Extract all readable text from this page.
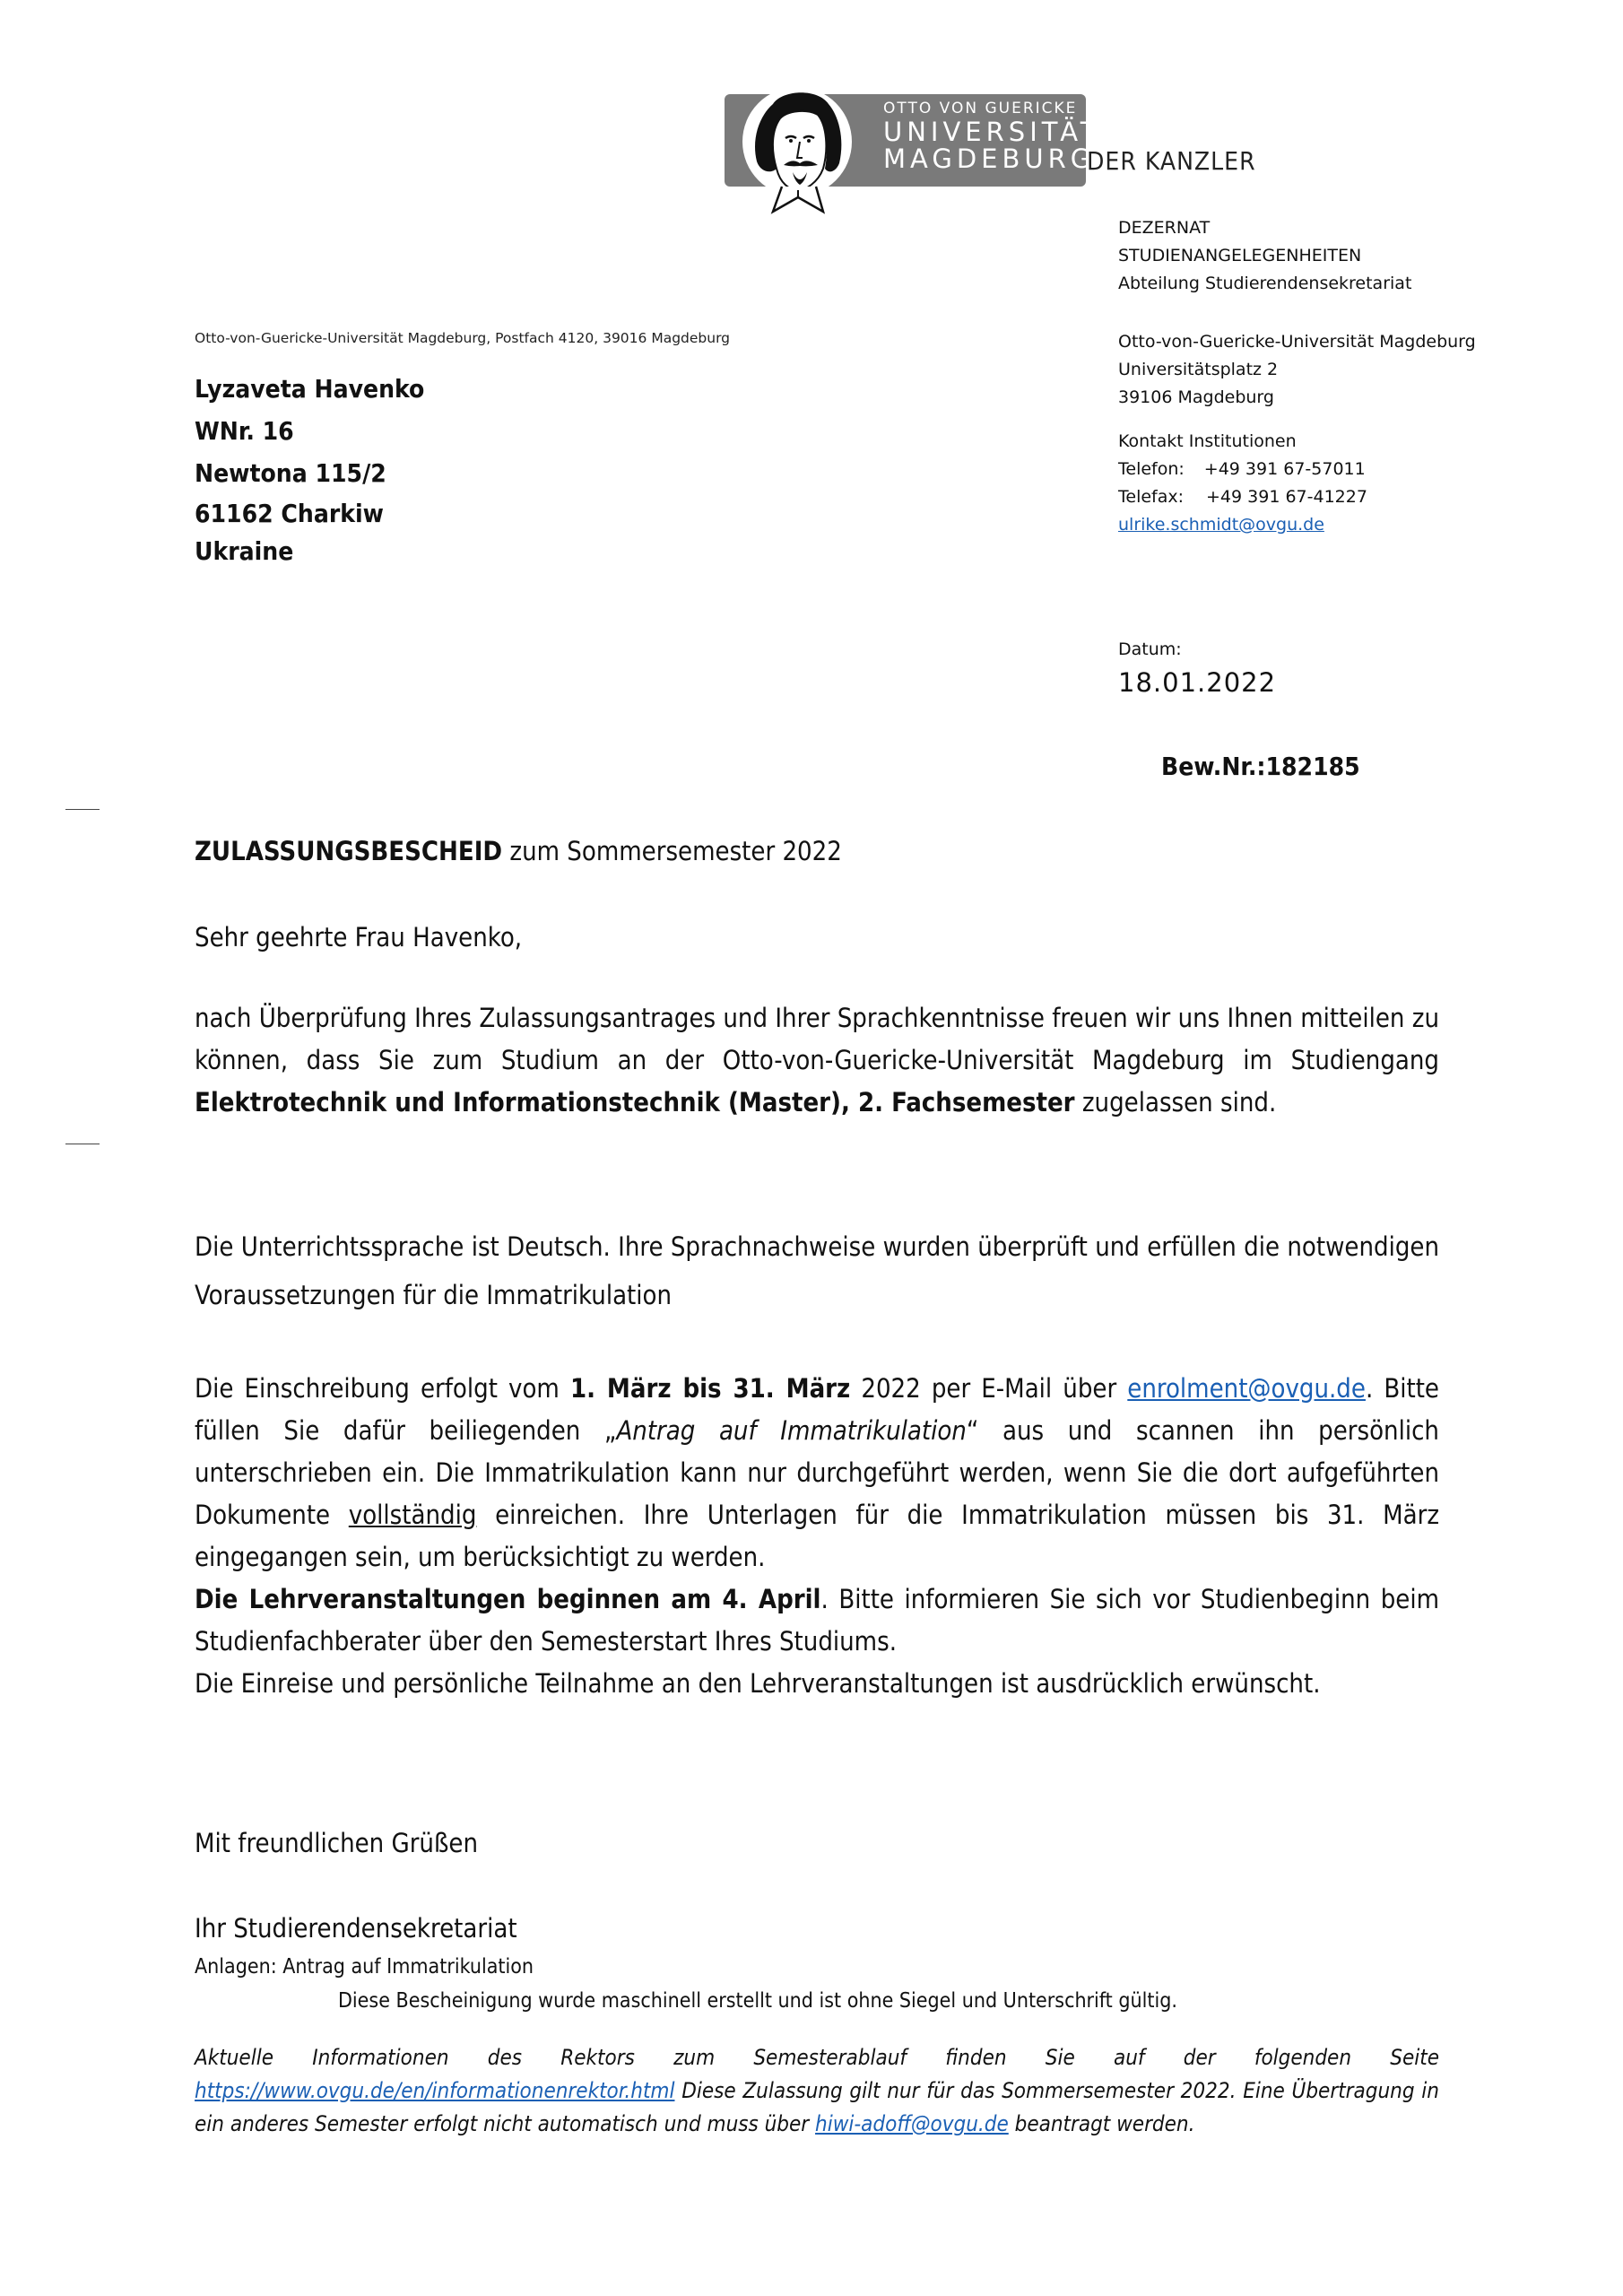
OTTO VON GUERICKE
UNIVERSITÄT
MAGDEBURG
DER KANZLER
DEZERNAT
STUDIENANGELEGENHEITEN
Abteilung Studierendensekretariat
Otto-von-Guericke-Universität Magdeburg
Universitätsplatz 2
39106 Magdeburg
Kontakt Institutionen
Telefon: +49 391 67-57011
Telefax: +49 391 67-41227
ulrike.schmidt@ovgu.de
Otto-von-Guericke-Universität Magdeburg, Postfach 4120, 39016 Magdeburg
Lyzaveta Havenko
WNr. 16
Newtona 115/2
61162 Charkiw
Ukraine
Datum:
18.01.2022
Bew.Nr.:182185
ZULASSUNGSBESCHEID zum Sommersemester 2022
Sehr geehrte Frau Havenko,
nach Überprüfung Ihres Zulassungsantrages und Ihrer Sprachkenntnisse freuen wir uns Ihnen mitteilen zu können, dass Sie zum Studium an der Otto-von-Guericke-Universität Magdeburg im Studiengang Elektrotechnik und Informationstechnik (Master), 2. Fachsemester zugelassen sind.
Die Unterrichtssprache ist Deutsch. Ihre Sprachnachweise wurden überprüft und erfüllen die notwendigen Voraussetzungen für die Immatrikulation
Die Einschreibung erfolgt vom 1. März bis 31. März 2022 per E-Mail über enrolment@ovgu.de. Bitte füllen Sie dafür beiliegenden „Antrag auf Immatrikulation“ aus und scannen ihn persönlich unterschrieben ein. Die Immatrikulation kann nur durchgeführt werden, wenn Sie die dort aufgeführten Dokumente vollständig einreichen. Ihre Unterlagen für die Immatrikulation müssen bis 31. März eingegangen sein, um berücksichtigt zu werden.
Die Lehrveranstaltungen beginnen am 4. April. Bitte informieren Sie sich vor Studienbeginn beim Studienfachberater über den Semesterstart Ihres Studiums.
Die Einreise und persönliche Teilnahme an den Lehrveranstaltungen ist ausdrücklich erwünscht.
Mit freundlichen Grüßen
Ihr Studierendensekretariat
Anlagen: Antrag auf Immatrikulation
Diese Bescheinigung wurde maschinell erstellt und ist ohne Siegel und Unterschrift gültig.
Aktuelle Informationen des Rektors zum Semesterablauf finden Sie auf der folgenden Seite https://www.ovgu.de/en/informationenrektor.html Diese Zulassung gilt nur für das Sommersemester 2022. Eine Übertragung in ein anderes Semester erfolgt nicht automatisch und muss über hiwi-adoff@ovgu.de beantragt werden.
